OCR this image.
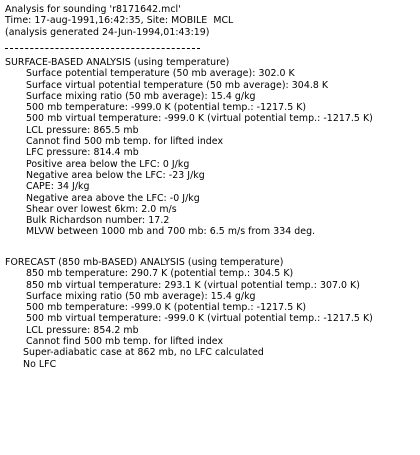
Analysis for sounding 'r8171642.mcl'
Time: 17-aug-1991,16:42:35, Site: MOBILE  MCL
(analysis generated 24-Jun-1994,01:43:19)
SURFACE-BASED ANALYSIS (using temperature)
Surface potential temperature (50 mb average): 302.0 K
Surface virtual potential temperature (50 mb average): 304.8 K
Surface mixing ratio (50 mb average): 15.4 g/kg
500 mb temperature: -999.0 K (potential temp.: -1217.5 K)
500 mb virtual temperature: -999.0 K (virtual potential temp.: -1217.5 K)
LCL pressure: 865.5 mb
Cannot find 500 mb temp. for lifted index
LFC pressure: 814.4 mb
Positive area below the LFC: 0 J/kg
Negative area below the LFC: -23 J/kg
CAPE: 34 J/kg
Negative area above the LFC: -0 J/kg
Shear over lowest 6km: 2.0 m/s
Bulk Richardson number: 17.2
MLVW between 1000 mb and 700 mb: 6.5 m/s from 334 deg.
FORECAST (850 mb-BASED) ANALYSIS (using temperature)
850 mb temperature: 290.7 K (potential temp.: 304.5 K)
850 mb virtual temperature: 293.1 K (virtual potential temp.: 307.0 K)
Surface mixing ratio (50 mb average): 15.4 g/kg
500 mb temperature: -999.0 K (potential temp.: -1217.5 K)
500 mb virtual temperature: -999.0 K (virtual potential temp.: -1217.5 K)
LCL pressure: 854.2 mb
Cannot find 500 mb temp. for lifted index
Super-adiabatic case at 862 mb, no LFC calculated
No LFC
